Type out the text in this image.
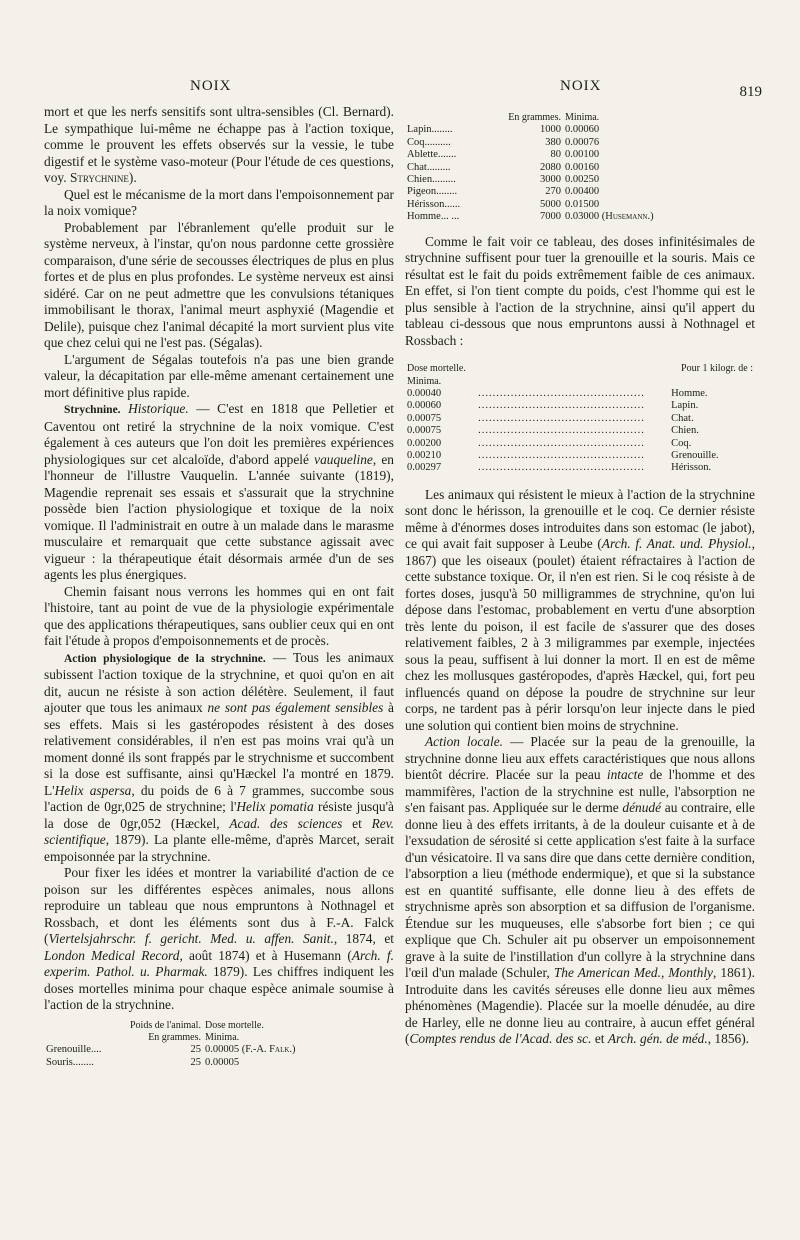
NOIX	NOIX	819

mort et que les nerfs sensitifs sont ultra-sensibles (Cl. Bernard). Le sympathique lui-même ne échappe pas à l'action toxique, comme le prouvent les effets observés sur la vessie, le tube digestif et le système vaso-moteur (Pour l'étude de ces questions, voy. Strychnine).

Quel est le mécanisme de la mort dans l'empoisonnement par la noix vomique?

Probablement par l'ébranlement qu'elle produit sur le système nerveux, à l'instar, qu'on nous pardonne cette grossière comparaison, d'une série de secousses électriques de plus en plus fortes et de plus en plus profondes. Le système nerveux est ainsi sidéré. Car on ne peut admettre que les convulsions tétaniques immobilisant le thorax, l'animal meurt asphyxié (Magendie et Delile), puisque chez l'animal décapité la mort survient plus vite que chez celui qui ne l'est pas. (Ségalas).

L'argument de Ségalas toutefois n'a pas une bien grande valeur, la décapitation par elle-même amenant certainement une mort définitive plus rapide.

Strychnine. Historique. — C'est en 1818 que Pelletier et Caventou ont retiré la strychnine de la noix vomique. C'est également à ces auteurs que l'on doit les premières expériences physiologiques sur cet alcaloïde, d'abord appelé vauqueline, en l'honneur de l'illustre Vauquelin. L'année suivante (1819), Magendie reprenait ses essais et s'assurait que la strychnine possède bien l'action physiologique et toxique de la noix vomique. Il l'administrait en outre à un malade dans le marasme musculaire et remarquait que cette substance agissait avec vigueur : la thérapeutique était désormais armée d'un de ses agents les plus énergiques.

Chemin faisant nous verrons les hommes qui en ont fait l'histoire, tant au point de vue de la physiologie expérimentale que des applications thérapeutiques, sans oublier ceux qui en ont fait l'étude à propos d'empoisonnements et de procès.

Action physiologique de la strychnine. — Tous les animaux subissent l'action toxique de la strychnine, et quoi qu'on en ait dit, aucun ne résiste à son action délétère. Seulement, il faut ajouter que tous les animaux ne sont pas également sensibles à ses effets. Mais si les gastéropodes résistent à des doses relativement considérables, il n'en est pas moins vrai qu'à un moment donné ils sont frappés par le strychnisme et succombent si la dose est suffisante, ainsi qu'Hæckel l'a montré en 1879. L'Helix aspersa, du poids de 6 à 7 grammes, succombe sous l'action de 0gr,025 de strychnine; l'Helix pomatia résiste jusqu'à la dose de 0gr,052 (Hæckel, Acad. des sciences et Rev. scientifique, 1879). La plante elle-même, d'après Marcet, serait empoisonnée par la strychnine.

Pour fixer les idées et montrer la variabilité d'action de ce poison sur les différentes espèces animales, nous allons reproduire un tableau que nous empruntons à Nothnagel et Rossbach, et dont les éléments sont dus à F.-A. Falck (Viertelsjahrschr. f. gericht. Med. u. affen. Sanit., 1874, et London Medical Record, août 1874) et à Husemann (Arch. f. experim. Pathol. u. Pharmak. 1879). Les chiffres indiquent les doses mortelles minima pour chaque espèce animale soumise à l'action de la strychnine.

	Poids de l'animal.	Dose mortelle.
	En grammes.	Minima.
Grenouille....	25	0.00005 (F.-A. Falk.)
Souris........	25	0.00005
	En grammes.	Minima.
Lapin........	1000	0.00060
Coq..........	380	0.00076
Ablette.......	80	0.00100
Chat.........	2080	0.00160
Chien.........	3000	0.00250
Pigeon........	270	0.00400
Hérisson......	5000	0.01500
Homme... ...	7000	0.03000 (Husemann.)

Comme le fait voir ce tableau, des doses infinitésimales de strychnine suffisent pour tuer la grenouille et la souris. Mais ce résultat est le fait du poids extrêmement faible de ces animaux. En effet, si l'on tient compte du poids, c'est l'homme qui est le plus sensible à l'action de la strychnine, ainsi qu'il appert du tableau ci-dessous que nous empruntons aussi à Nothnagel et Rossbach :

Dose mortelle.		Pour 1 kilogr. de :
Minima.		
0.00040	..............................................	Homme.
0.00060	..............................................	Lapin.
0.00075	..............................................	Chat.
0.00075	..............................................	Chien.
0.00200	..............................................	Coq.
0.00210	..............................................	Grenouille.
0.00297	..............................................	Hérisson.

Les animaux qui résistent le mieux à l'action de la strychnine sont donc le hérisson, la grenouille et le coq. Ce dernier résiste même à d'énormes doses introduites dans son estomac (le jabot), ce qui avait fait supposer à Leube (Arch. f. Anat. und. Physiol., 1867) que les oiseaux (poulet) étaient réfractaires à l'action de cette substance toxique. Or, il n'en est rien. Si le coq résiste à de fortes doses, jusqu'à 50 milligrammes de strychnine, qu'on lui dépose dans l'estomac, probablement en vertu d'une absorption très lente du poison, il est facile de s'assurer que des doses relativement faibles, 2 à 3 miligrammes par exemple, injectées sous la peau, suffisent à lui donner la mort. Il en est de même chez les mollusques gastéropodes, d'après Hæckel, qui, fort peu influencés quand on dépose la poudre de strychnine sur leur corps, ne tardent pas à périr lorsqu'on leur injecte dans le pied une solution qui contient bien moins de strychnine.

Action locale. — Placée sur la peau de la grenouille, la strychnine donne lieu aux effets caractéristiques que nous allons bientôt décrire. Placée sur la peau intacte de l'homme et des mammifères, l'action de la strychnine est nulle, l'absorption ne s'en faisant pas. Appliquée sur le derme dénudé au contraire, elle donne lieu à des effets irritants, à de la douleur cuisante et à de l'exsudation de sérosité si cette application s'est faite à la surface d'un vésicatoire. Il va sans dire que dans cette dernière condition, l'absorption a lieu (méthode endermique), et que si la substance est en quantité suffisante, elle donne lieu à des effets de strychnisme après son absorption et sa diffusion de l'organisme. Étendue sur les muqueuses, elle s'absorbe fort bien ; ce qui explique que Ch. Schuler ait pu observer un empoisonnement grave à la suite de l'instillation d'un collyre à la strychnine dans l'œil d'un malade (Schuler, The American Med., Monthly, 1861). Introduite dans les cavités séreuses elle donne lieu aux mêmes phénomènes (Magendie). Placée sur la moelle dénudée, au dire de Harley, elle ne donne lieu au contraire, à aucun effet général (Comptes rendus de l'Acad. des sc. et Arch. gén. de méd., 1856).
